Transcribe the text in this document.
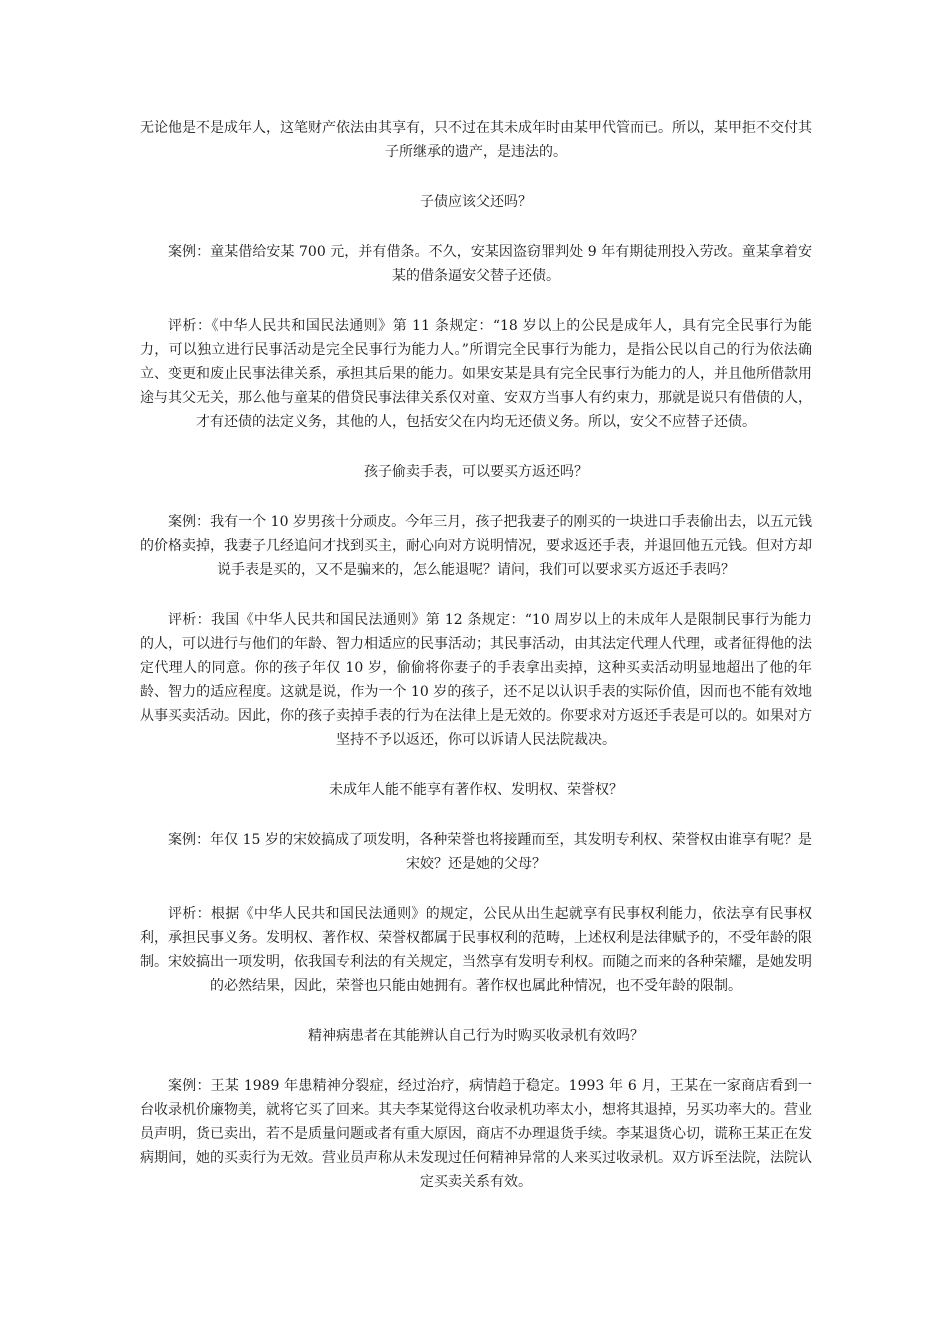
无论他是不是成年人，这笔财产依法由其享有，只不过在其未成年时由某甲代管而已。所以，某甲拒不交付其子所继承的遗产，是违法的。

子债应该父还吗？

案例：童某借给安某 700 元，并有借条。不久，安某因盗窃罪判处 9 年有期徒刑投入劳改。童某拿着安某的借条逼安父替子还债。

评析：《中华人民共和国民法通则》第 11 条规定：“18 岁以上的公民是成年人，具有完全民事行为能力，可以独立进行民事活动是完全民事行为能力人。”所谓完全民事行为能力，是指公民以自己的行为依法确立、变更和废止民事法律关系，承担其后果的能力。如果安某是具有完全民事行为能力的人，并且他所借款用途与其父无关，那么他与童某的借贷民事法律关系仅对童、安双方当事人有约束力，那就是说只有借债的人，才有还债的法定义务，其他的人，包括安父在内均无还债义务。所以，安父不应替子还债。

孩子偷卖手表，可以要买方返还吗？

案例：我有一个 10 岁男孩十分顽皮。今年三月，孩子把我妻子的刚买的一块进口手表偷出去，以五元钱的价格卖掉，我妻子几经追问才找到买主，耐心向对方说明情况，要求返还手表，并退回他五元钱。但对方却说手表是买的，又不是骗来的，怎么能退呢？请问，我们可以要求买方返还手表吗？

评析：我国《中华人民共和国民法通则》第 12 条规定：“10 周岁以上的未成年人是限制民事行为能力的人，可以进行与他们的年龄、智力相适应的民事活动；其民事活动，由其法定代理人代理，或者征得他的法定代理人的同意。你的孩子年仅 10 岁，偷偷将你妻子的手表拿出卖掉，这种买卖活动明显地超出了他的年龄、智力的适应程度。这就是说，作为一个 10 岁的孩子，还不足以认识手表的实际价值，因而也不能有效地从事买卖活动。因此，你的孩子卖掉手表的行为在法律上是无效的。你要求对方返还手表是可以的。如果对方坚持不予以返还，你可以诉请人民法院裁决。

未成年人能不能享有著作权、发明权、荣誉权？

案例：年仅 15 岁的宋姣搞成了项发明，各种荣誉也将接踵而至，其发明专利权、荣誉权由谁享有呢？是宋姣？还是她的父母？

评析：根据《中华人民共和国民法通则》的规定，公民从出生起就享有民事权利能力，依法享有民事权利，承担民事义务。发明权、著作权、荣誉权都属于民事权利的范畴，上述权利是法律赋予的，不受年龄的限制。宋姣搞出一项发明，依我国专利法的有关规定，当然享有发明专利权。而随之而来的各种荣耀，是她发明的必然结果，因此，荣誉也只能由她拥有。著作权也属此种情况，也不受年龄的限制。

精神病患者在其能辨认自己行为时购买收录机有效吗？

案例：王某 1989 年患精神分裂症，经过治疗，病情趋于稳定。1993 年 6 月，王某在一家商店看到一台收录机价廉物美，就将它买了回来。其夫李某觉得这台收录机功率太小，想将其退掉，另买功率大的。营业员声明，货已卖出，若不是质量问题或者有重大原因，商店不办理退货手续。李某退货心切，谎称王某正在发病期间，她的买卖行为无效。营业员声称从未发现过任何精神异常的人来买过收录机。双方诉至法院，法院认定买卖关系有效。
